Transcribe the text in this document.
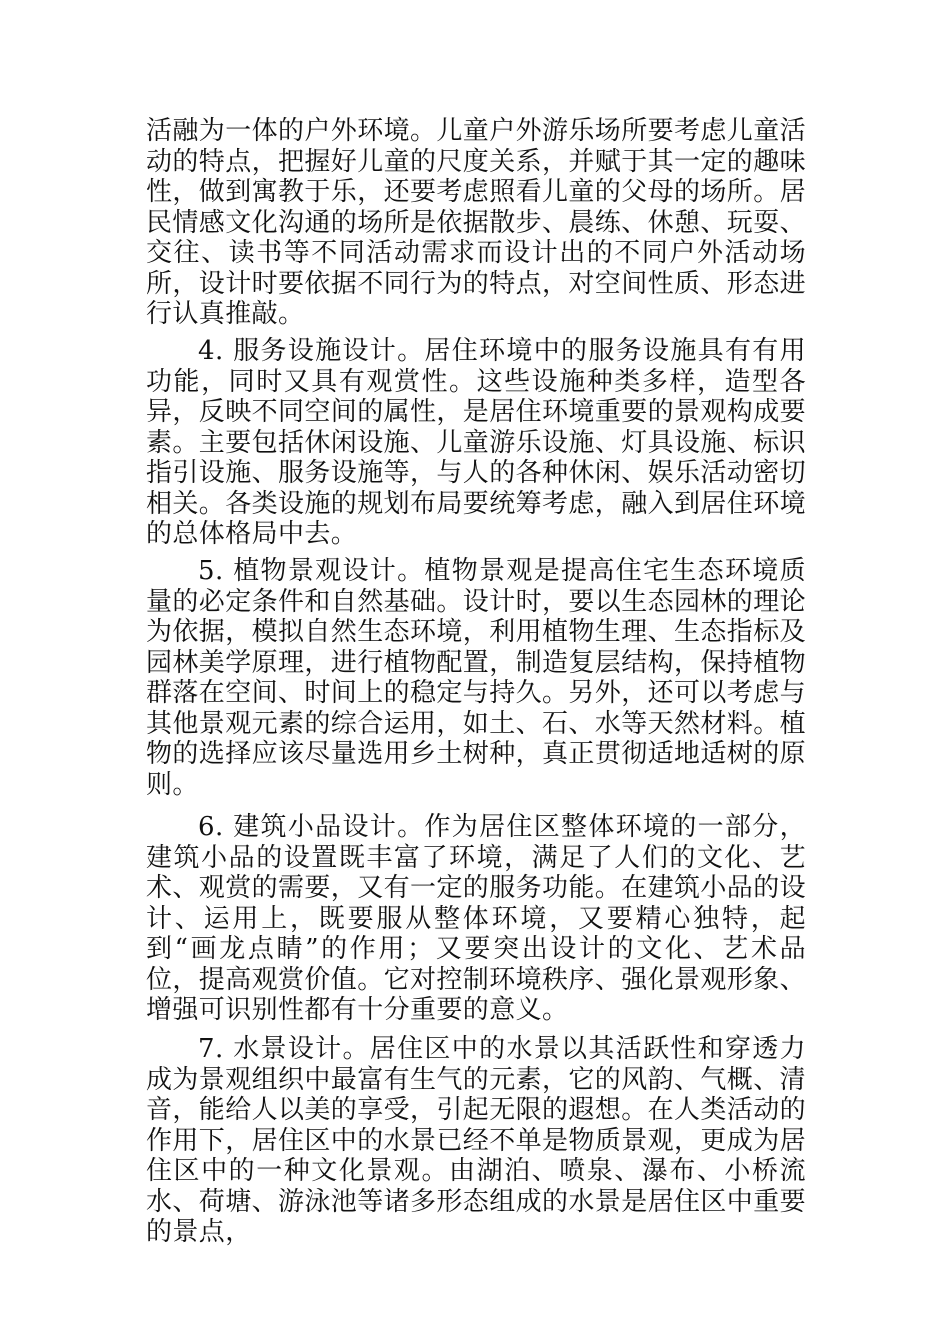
活融为一体的户外环境。儿童户外游乐场所要考虑儿童活动的特点，把握好儿童的尺度关系，并赋于其一定的趣味性，做到寓教于乐，还要考虑照看儿童的父母的场所。居民情感文化沟通的场所是依据散步、晨练、休憩、玩耍、交往、读书等不同活动需求而设计出的不同户外活动场所，设计时要依据不同行为的特点，对空间性质、形态进行认真推敲。

4. 服务设施设计。居住环境中的服务设施具有有用功能，同时又具有观赏性。这些设施种类多样，造型各异，反映不同空间的属性，是居住环境重要的景观构成要素。主要包括休闲设施、儿童游乐设施、灯具设施、标识指引设施、服务设施等，与人的各种休闲、娱乐活动密切相关。各类设施的规划布局要统筹考虑，融入到居住环境的总体格局中去。

5. 植物景观设计。植物景观是提高住宅生态环境质量的必定条件和自然基础。设计时，要以生态园林的理论为依据，模拟自然生态环境，利用植物生理、生态指标及园林美学原理，进行植物配置，制造复层结构，保持植物群落在空间、时间上的稳定与持久。另外，还可以考虑与其他景观元素的综合运用，如土、石、水等天然材料。植物的选择应该尽量选用乡土树种，真正贯彻适地适树的原则。

6. 建筑小品设计。作为居住区整体环境的一部分，建筑小品的设置既丰富了环境，满足了人们的文化、艺术、观赏的需要，又有一定的服务功能。在建筑小品的设计、运用上，既要服从整体环境，又要精心独特，起到“画龙点睛”的作用；又要突出设计的文化、艺术品位，提高观赏价值。它对控制环境秩序、强化景观形象、增强可识别性都有十分重要的意义。

7. 水景设计。居住区中的水景以其活跃性和穿透力成为景观组织中最富有生气的元素，它的风韵、气概、清音，能给人以美的享受，引起无限的遐想。在人类活动的作用下，居住区中的水景已经不单是物质景观，更成为居住区中的一种文化景观。由湖泊、喷泉、瀑布、小桥流水、荷塘、游泳池等诸多形态组成的水景是居住区中重要的景点，
